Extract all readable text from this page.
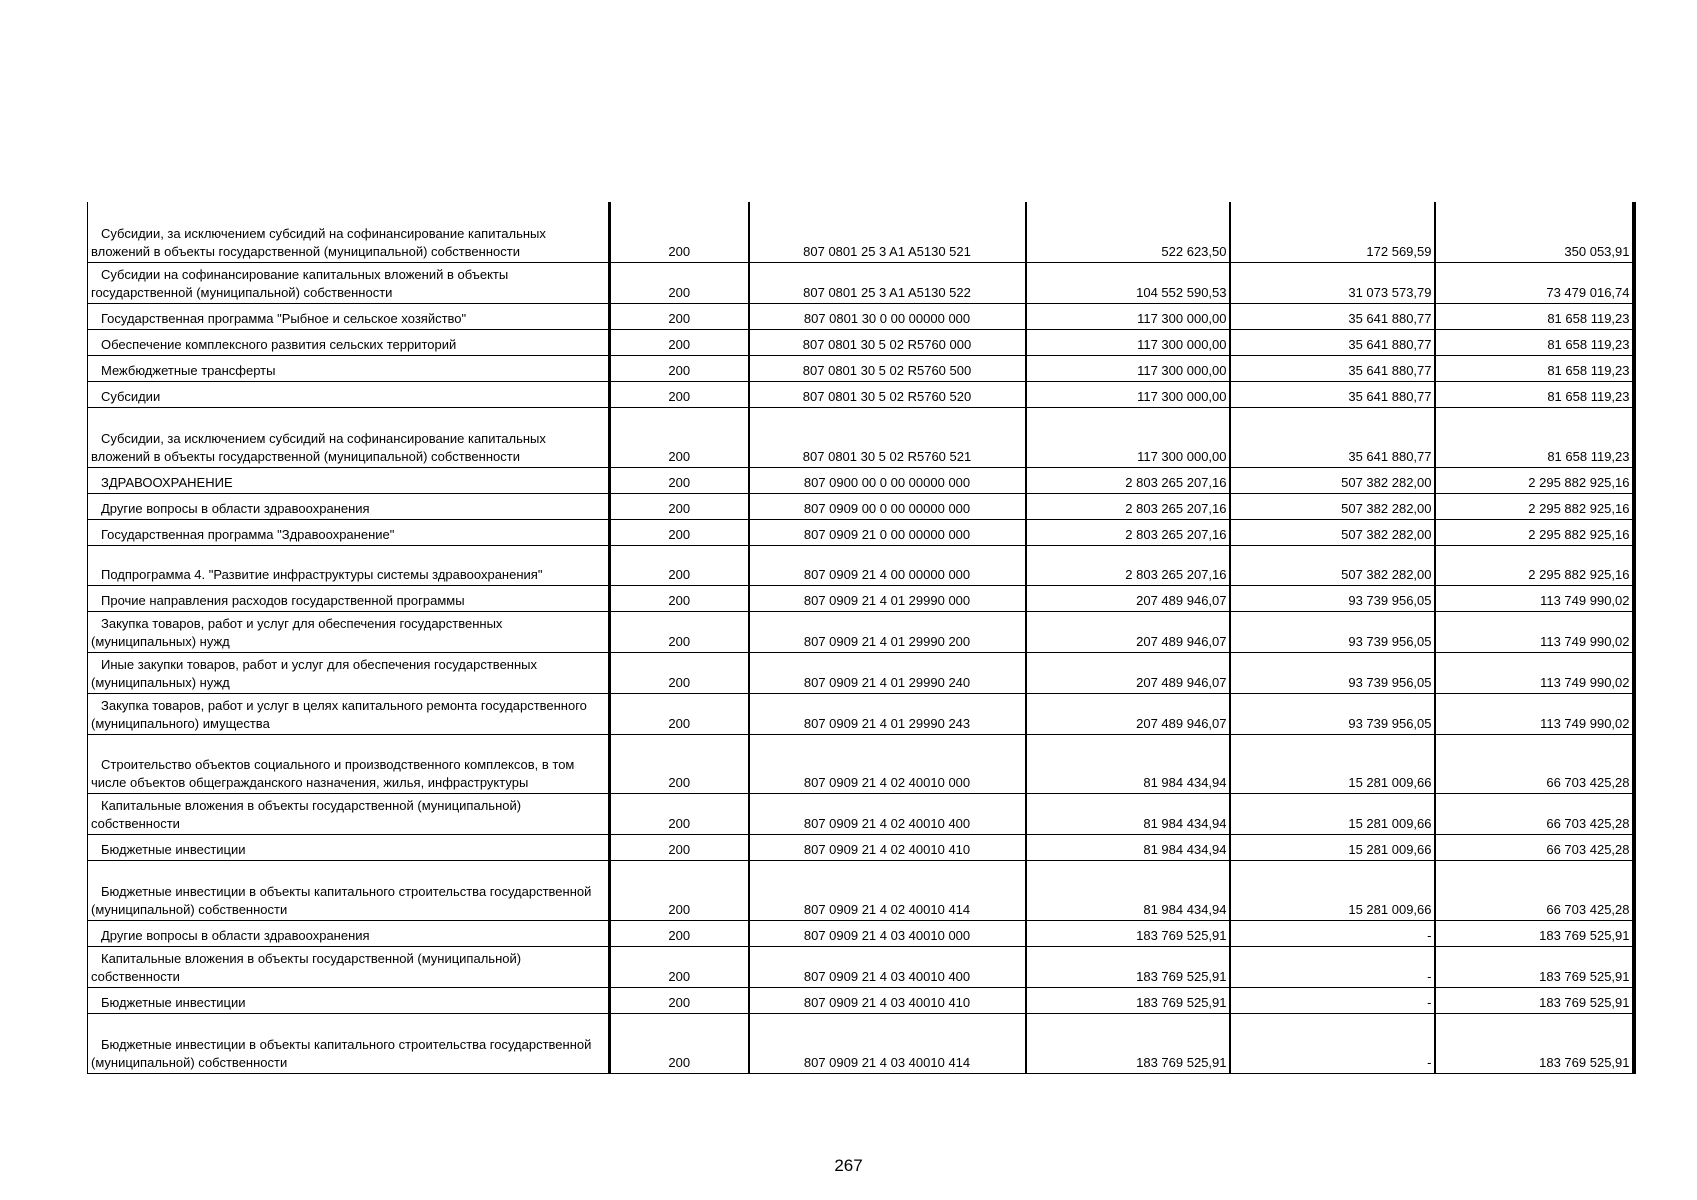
Субсидии, за исключением субсидий на софинансирование капитальных вложений в объекты государственной (муниципальной) собственности	200	807 0801 25 3 A1 A5130 521	522 623,50	172 569,59	350 053,91

Субсидии на софинансирование капитальных вложений в объекты государственной (муниципальной) собственности	200	807 0801 25 3 A1 A5130 522	104 552 590,53	31 073 573,79	73 479 016,74

Государственная программа "Рыбное и сельское хозяйство"	200	807 0801 30 0 00 00000 000	117 300 000,00	35 641 880,77	81 658 119,23

Обеспечение комплексного развития сельских территорий	200	807 0801 30 5 02 R5760 000	117 300 000,00	35 641 880,77	81 658 119,23

Межбюджетные трансферты	200	807 0801 30 5 02 R5760 500	117 300 000,00	35 641 880,77	81 658 119,23

Субсидии	200	807 0801 30 5 02 R5760 520	117 300 000,00	35 641 880,77	81 658 119,23

Субсидии, за исключением субсидий на софинансирование капитальных вложений в объекты государственной (муниципальной) собственности	200	807 0801 30 5 02 R5760 521	117 300 000,00	35 641 880,77	81 658 119,23

ЗДРАВООХРАНЕНИЕ	200	807 0900 00 0 00 00000 000	2 803 265 207,16	507 382 282,00	2 295 882 925,16

Другие вопросы в области здравоохранения	200	807 0909 00 0 00 00000 000	2 803 265 207,16	507 382 282,00	2 295 882 925,16

Государственная программа "Здравоохранение"	200	807 0909 21 0 00 00000 000	2 803 265 207,16	507 382 282,00	2 295 882 925,16

Подпрограмма 4. "Развитие инфраструктуры системы здравоохранения"	200	807 0909 21 4 00 00000 000	2 803 265 207,16	507 382 282,00	2 295 882 925,16

Прочие направления расходов государственной программы	200	807 0909 21 4 01 29990 000	207 489 946,07	93 739 956,05	113 749 990,02

Закупка товаров, работ и услуг для обеспечения государственных (муниципальных) нужд	200	807 0909 21 4 01 29990 200	207 489 946,07	93 739 956,05	113 749 990,02

Иные закупки товаров, работ и услуг для обеспечения государственных (муниципальных) нужд	200	807 0909 21 4 01 29990 240	207 489 946,07	93 739 956,05	113 749 990,02

Закупка товаров, работ и услуг в целях капитального ремонта государственного (муниципального) имущества	200	807 0909 21 4 01 29990 243	207 489 946,07	93 739 956,05	113 749 990,02

Строительство объектов социального и производственного комплексов, в том числе объектов общегражданского назначения, жилья, инфраструктуры	200	807 0909 21 4 02 40010 000	81 984 434,94	15 281 009,66	66 703 425,28

Капитальные вложения в объекты государственной (муниципальной) собственности	200	807 0909 21 4 02 40010 400	81 984 434,94	15 281 009,66	66 703 425,28

Бюджетные инвестиции	200	807 0909 21 4 02 40010 410	81 984 434,94	15 281 009,66	66 703 425,28

Бюджетные инвестиции в объекты капитального строительства государственной (муниципальной) собственности	200	807 0909 21 4 02 40010 414	81 984 434,94	15 281 009,66	66 703 425,28

Другие вопросы в области здравоохранения	200	807 0909 21 4 03 40010 000	183 769 525,91	-	183 769 525,91

Капитальные вложения в объекты государственной (муниципальной) собственности	200	807 0909 21 4 03 40010 400	183 769 525,91	-	183 769 525,91

Бюджетные инвестиции	200	807 0909 21 4 03 40010 410	183 769 525,91	-	183 769 525,91

Бюджетные инвестиции в объекты капитального строительства государственной (муниципальной) собственности	200	807 0909 21 4 03 40010 414	183 769 525,91	-	183 769 525,91
267
